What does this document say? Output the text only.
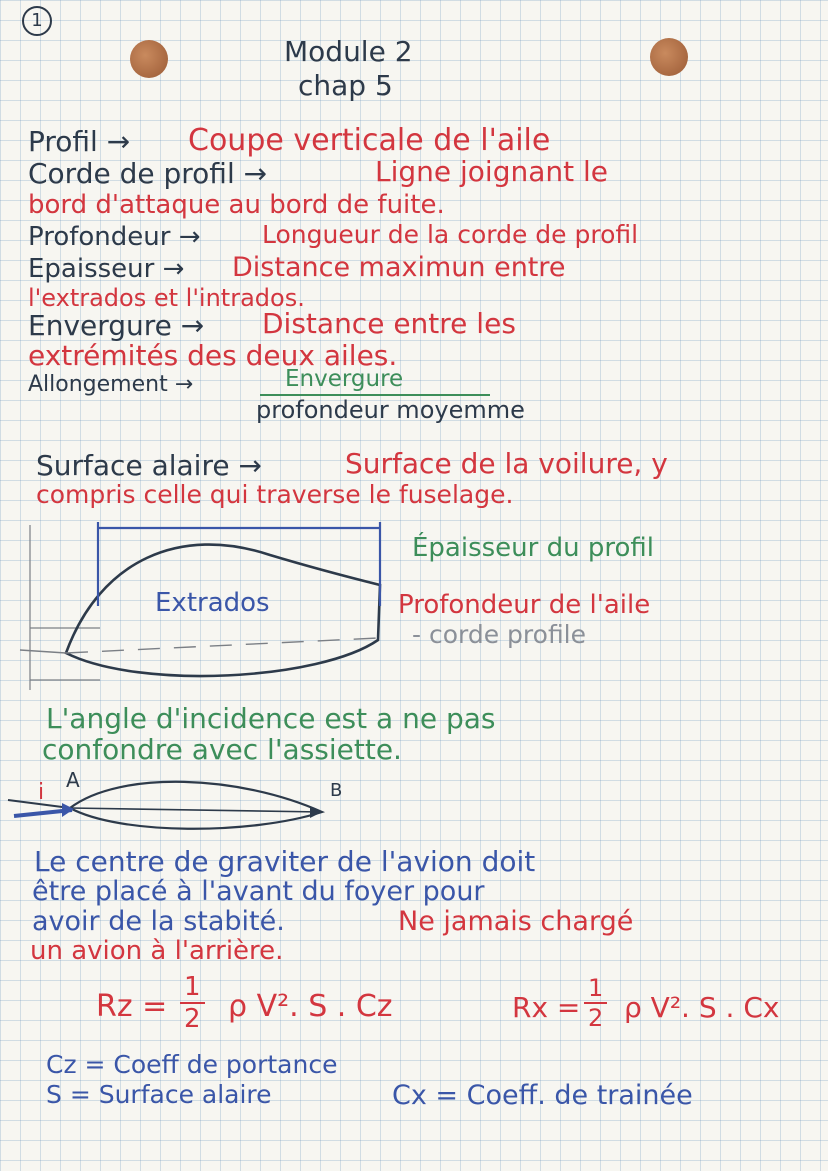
1
Module 2
chap 5
Profil → Coupe verticale de l'aile
Corde de profil →	Ligne joignant le
bord d'attaque au bord de fuite.
Profondeur → Longueur de la corde de profil
Epaisseur → Distance maximun entre
l'extrados et l'intrados.
Envergure → Distance entre les
extrémités des deux ailes.
Allongement →	Envergure
profondeur moyemme
Surface alaire →	Surface de la voilure, y
compris celle qui traverse le fuselage.
Extrados
Épaisseur du profil
Profondeur de l'aile
- corde profile
L'angle d'incidence est a ne pas
confondre avec l'assiette.
i A	B
Le centre de graviter de l'avion doit
être placé à l'avant du foyer pour
avoir de la stabité.	Ne jamais chargé
un avion à l'arrière.
$Rz = \frac{1}{2}$ ρ V². S . Cz	$Rx = \frac{1}{2}$ ρ V². S . Cx
Cz = Coeff de portance
S = Surface alaire	Cx = Coeff. de trainée
